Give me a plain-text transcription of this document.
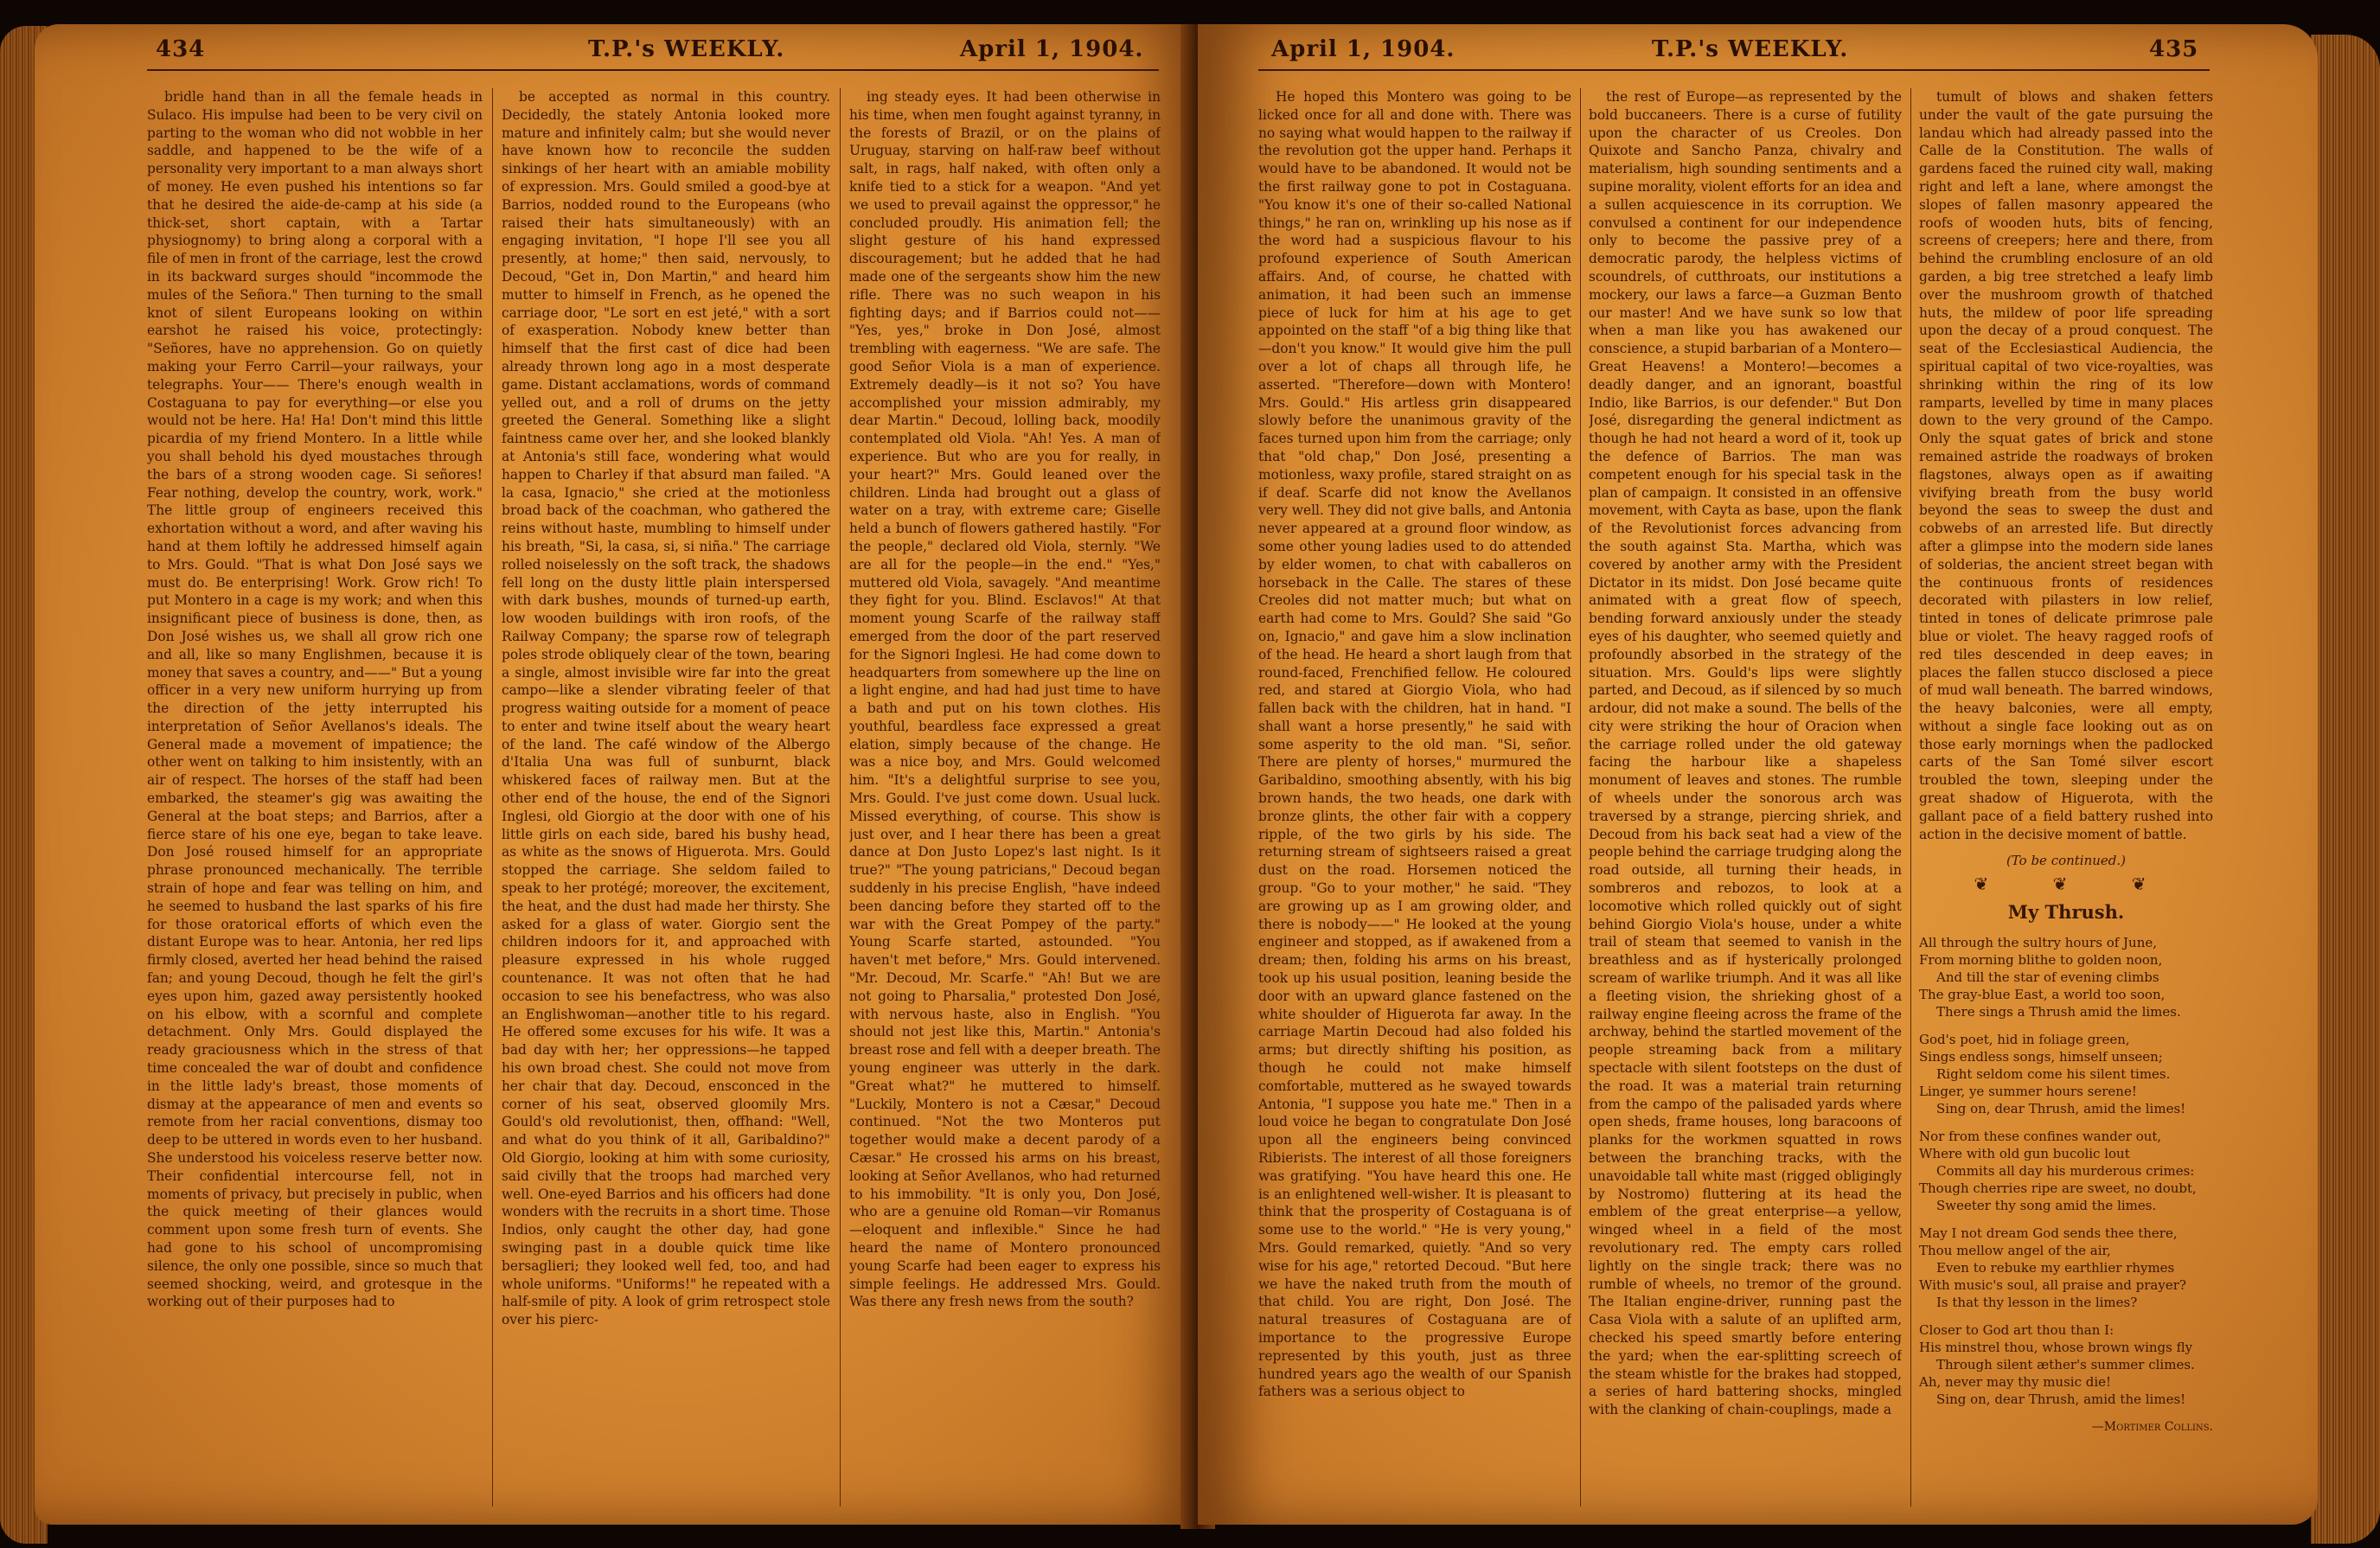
434	T.P.'s WEEKLY.	April 1, 1904.

bridle hand than in all the female heads in Sulaco. His impulse had been to be very civil on parting to the woman who did not wobble in her saddle, and happened to be the wife of a personality very important to a man always short of money. He even pushed his intentions so far that he desired the aide-de-camp at his side (a thick-set, short captain, with a Tartar physiognomy) to bring along a corporal with a file of men in front of the carriage, lest the crowd in its backward surges should "incommode the mules of the Señora." Then turning to the small knot of silent Europeans looking on within earshot he raised his voice, protectingly: "Señores, have no apprehension. Go on quietly making your Ferro Carril—your railways, your telegraphs. Your—— There's enough wealth in Costaguana to pay for everything—or else you would not be here. Ha! Ha! Don't mind this little picardia of my friend Montero. In a little while you shall behold his dyed moustaches through the bars of a strong wooden cage. Si señores! Fear nothing, develop the country, work, work." The little group of engineers received this exhortation without a word, and after waving his hand at them loftily he addressed himself again to Mrs. Gould. "That is what Don José says we must do. Be enterprising! Work. Grow rich! To put Montero in a cage is my work; and when this insignificant piece of business is done, then, as Don José wishes us, we shall all grow rich one and all, like so many Englishmen, because it is money that saves a country, and——" But a young officer in a very new uniform hurrying up from the direction of the jetty interrupted his interpretation of Señor Avellanos's ideals. The General made a movement of impatience; the other went on talking to him insistently, with an air of respect. The horses of the staff had been embarked, the steamer's gig was awaiting the General at the boat steps; and Barrios, after a fierce stare of his one eye, began to take leave. Don José roused himself for an appropriate phrase pronounced mechanically. The terrible strain of hope and fear was telling on him, and he seemed to husband the last sparks of his fire for those oratorical efforts of which even the distant Europe was to hear. Antonia, her red lips firmly closed, averted her head behind the raised fan; and young Decoud, though he felt the girl's eyes upon him, gazed away persistently hooked on his elbow, with a scornful and complete detachment. Only Mrs. Gould displayed the ready graciousness which in the stress of that time concealed the war of doubt and confidence in the little lady's breast, those moments of dismay at the appearance of men and events so remote from her racial conventions, dismay too deep to be uttered in words even to her husband. She understood his voiceless reserve better now. Their confidential intercourse fell, not in moments of privacy, but precisely in public, when the quick meeting of their glances would comment upon some fresh turn of events. She had gone to his school of uncompromising silence, the only one possible, since so much that seemed shocking, weird, and grotesque in the working out of their purposes had to

be accepted as normal in this country. Decidedly, the stately Antonia looked more mature and infinitely calm; but she would never have known how to reconcile the sudden sinkings of her heart with an amiable mobility of expression. Mrs. Gould smiled a good-bye at Barrios, nodded round to the Europeans (who raised their hats simultaneously) with an engaging invitation, "I hope I'll see you all presently, at home;" then said, nervously, to Decoud, "Get in, Don Martin," and heard him mutter to himself in French, as he opened the carriage door, "Le sort en est jeté," with a sort of exasperation. Nobody knew better than himself that the first cast of dice had been already thrown long ago in a most desperate game. Distant acclamations, words of command yelled out, and a roll of drums on the jetty greeted the General. Something like a slight faintness came over her, and she looked blankly at Antonia's still face, wondering what would happen to Charley if that absurd man failed. "A la casa, Ignacio," she cried at the motionless broad back of the coachman, who gathered the reins without haste, mumbling to himself under his breath, "Si, la casa, si, si niña." The carriage rolled noiselessly on the soft track, the shadows fell long on the dusty little plain interspersed with dark bushes, mounds of turned-up earth, low wooden buildings with iron roofs, of the Railway Company; the sparse row of telegraph poles strode obliquely clear of the town, bearing a single, almost invisible wire far into the great campo—like a slender vibrating feeler of that progress waiting outside for a moment of peace to enter and twine itself about the weary heart of the land. The café window of the Albergo d'Italia Una was full of sunburnt, black whiskered faces of railway men. But at the other end of the house, the end of the Signori Inglesi, old Giorgio at the door with one of his little girls on each side, bared his bushy head, as white as the snows of Higuerota. Mrs. Gould stopped the carriage. She seldom failed to speak to her protégé; moreover, the excitement, the heat, and the dust had made her thirsty. She asked for a glass of water. Giorgio sent the children indoors for it, and approached with pleasure expressed in his whole rugged countenance. It was not often that he had occasion to see his benefactress, who was also an Englishwoman—another title to his regard. He offered some excuses for his wife. It was a bad day with her; her oppressions—he tapped his own broad chest. She could not move from her chair that day. Decoud, ensconced in the corner of his seat, observed gloomily Mrs. Gould's old revolutionist, then, offhand: "Well, and what do you think of it all, Garibaldino?" Old Giorgio, looking at him with some curiosity, said civilly that the troops had marched very well. One-eyed Barrios and his officers had done wonders with the recruits in a short time. Those Indios, only caught the other day, had gone swinging past in a double quick time like bersaglieri; they looked well fed, too, and had whole uniforms. "Uniforms!" he repeated with a half-smile of pity. A look of grim retrospect stole over his pierc-

ing steady eyes. It had been otherwise in his time, when men fought against tyranny, in the forests of Brazil, or on the plains of Uruguay, starving on half-raw beef without salt, in rags, half naked, with often only a knife tied to a stick for a weapon. "And yet we used to prevail against the oppressor," he concluded proudly. His animation fell; the slight gesture of his hand expressed discouragement; but he added that he had made one of the sergeants show him the new rifle. There was no such weapon in his fighting days; and if Barrios could not—— "Yes, yes," broke in Don José, almost trembling with eagerness. "We are safe. The good Señor Viola is a man of experience. Extremely deadly—is it not so? You have accomplished your mission admirably, my dear Martin." Decoud, lolling back, moodily contemplated old Viola. "Ah! Yes. A man of experience. But who are you for really, in your heart?" Mrs. Gould leaned over the children. Linda had brought out a glass of water on a tray, with extreme care; Giselle held a bunch of flowers gathered hastily. "For the people," declared old Viola, sternly. "We are all for the people—in the end." "Yes," muttered old Viola, savagely. "And meantime they fight for you. Blind. Esclavos!" At that moment young Scarfe of the railway staff emerged from the door of the part reserved for the Signori Inglesi. He had come down to headquarters from somewhere up the line on a light engine, and had had just time to have a bath and put on his town clothes. His youthful, beardless face expressed a great elation, simply because of the change. He was a nice boy, and Mrs. Gould welcomed him. "It's a delightful surprise to see you, Mrs. Gould. I've just come down. Usual luck. Missed everything, of course. This show is just over, and I hear there has been a great dance at Don Justo Lopez's last night. Is it true?" "The young patricians," Decoud began suddenly in his precise English, "have indeed been dancing before they started off to the war with the Great Pompey of the party." Young Scarfe started, astounded. "You haven't met before," Mrs. Gould intervened. "Mr. Decoud, Mr. Scarfe." "Ah! But we are not going to Pharsalia," protested Don José, with nervous haste, also in English. "You should not jest like this, Martin." Antonia's breast rose and fell with a deeper breath. The young engineer was utterly in the dark. "Great what?" he muttered to himself. "Luckily, Montero is not a Cæsar," Decoud continued. "Not the two Monteros put together would make a decent parody of a Cæsar." He crossed his arms on his breast, looking at Señor Avellanos, who had returned to his immobility. "It is only you, Don José, who are a genuine old Roman—vir Romanus—eloquent and inflexible." Since he had heard the name of Montero pronounced young Scarfe had been eager to express his simple feelings. He addressed Mrs. Gould. Was there any fresh news from the south?

April 1, 1904.	T.P.'s WEEKLY.	435

He hoped this Montero was going to be licked once for all and done with. There was no saying what would happen to the railway if the revolution got the upper hand. Perhaps it would have to be abandoned. It would not be the first railway gone to pot in Costaguana. "You know it's one of their so-called National things," he ran on, wrinkling up his nose as if the word had a suspicious flavour to his profound experience of South American affairs. And, of course, he chatted with animation, it had been such an immense piece of luck for him at his age to get appointed on the staff "of a big thing like that—don't you know." It would give him the pull over a lot of chaps all through life, he asserted. "Therefore—down with Montero! Mrs. Gould." His artless grin disappeared slowly before the unanimous gravity of the faces turned upon him from the carriage; only that "old chap," Don José, presenting a motionless, waxy profile, stared straight on as if deaf. Scarfe did not know the Avellanos very well. They did not give balls, and Antonia never appeared at a ground floor window, as some other young ladies used to do attended by elder women, to chat with caballeros on horseback in the Calle. The stares of these Creoles did not matter much; but what on earth had come to Mrs. Gould? She said "Go on, Ignacio," and gave him a slow inclination of the head. He heard a short laugh from that round-faced, Frenchified fellow. He coloured red, and stared at Giorgio Viola, who had fallen back with the children, hat in hand. "I shall want a horse presently," he said with some asperity to the old man. "Si, señor. There are plenty of horses," murmured the Garibaldino, smoothing absently, with his big brown hands, the two heads, one dark with bronze glints, the other fair with a coppery ripple, of the two girls by his side. The returning stream of sightseers raised a great dust on the road. Horsemen noticed the group. "Go to your mother," he said. "They are growing up as I am growing older, and there is nobody——" He looked at the young engineer and stopped, as if awakened from a dream; then, folding his arms on his breast, took up his usual position, leaning beside the door with an upward glance fastened on the white shoulder of Higuerota far away. In the carriage Martin Decoud had also folded his arms; but directly shifting his position, as though he could not make himself comfortable, muttered as he swayed towards Antonia, "I suppose you hate me." Then in a loud voice he began to congratulate Don José upon all the engineers being convinced Ribierists. The interest of all those foreigners was gratifying. "You have heard this one. He is an enlightened well-wisher. It is pleasant to think that the prosperity of Costaguana is of some use to the world." "He is very young," Mrs. Gould remarked, quietly. "And so very wise for his age," retorted Decoud. "But here we have the naked truth from the mouth of that child. You are right, Don José. The natural treasures of Costaguana are of importance to the progressive Europe represented by this youth, just as three hundred years ago the wealth of our Spanish fathers was a serious object to

the rest of Europe—as represented by the bold buccaneers. There is a curse of futility upon the character of us Creoles. Don Quixote and Sancho Panza, chivalry and materialism, high sounding sentiments and a supine morality, violent efforts for an idea and a sullen acquiescence in its corruption. We convulsed a continent for our independence only to become the passive prey of a democratic parody, the helpless victims of scoundrels, of cutthroats, our institutions a mockery, our laws a farce—a Guzman Bento our master! And we have sunk so low that when a man like you has awakened our conscience, a stupid barbarian of a Montero—Great Heavens! a Montero!—becomes a deadly danger, and an ignorant, boastful Indio, like Barrios, is our defender." But Don José, disregarding the general indictment as though he had not heard a word of it, took up the defence of Barrios. The man was competent enough for his special task in the plan of campaign. It consisted in an offensive movement, with Cayta as base, upon the flank of the Revolutionist forces advancing from the south against Sta. Martha, which was covered by another army with the President Dictator in its midst. Don José became quite animated with a great flow of speech, bending forward anxiously under the steady eyes of his daughter, who seemed quietly and profoundly absorbed in the strategy of the situation. Mrs. Gould's lips were slightly parted, and Decoud, as if silenced by so much ardour, did not make a sound. The bells of the city were striking the hour of Oracion when the carriage rolled under the old gateway facing the harbour like a shapeless monument of leaves and stones. The rumble of wheels under the sonorous arch was traversed by a strange, piercing shriek, and Decoud from his back seat had a view of the people behind the carriage trudging along the road outside, all turning their heads, in sombreros and rebozos, to look at a locomotive which rolled quickly out of sight behind Giorgio Viola's house, under a white trail of steam that seemed to vanish in the breathless and as if hysterically prolonged scream of warlike triumph. And it was all like a fleeting vision, the shrieking ghost of a railway engine fleeing across the frame of the archway, behind the startled movement of the people streaming back from a military spectacle with silent footsteps on the dust of the road. It was a material train returning from the campo of the palisaded yards where open sheds, frame houses, long baracoons of planks for the workmen squatted in rows between the branching tracks, with the unavoidable tall white mast (rigged obligingly by Nostromo) fluttering at its head the emblem of the great enterprise—a yellow, winged wheel in a field of the most revolutionary red. The empty cars rolled lightly on the single track; there was no rumble of wheels, no tremor of the ground. The Italian engine-driver, running past the Casa Viola with a salute of an uplifted arm, checked his speed smartly before entering the yard; when the ear-splitting screech of the steam whistle for the brakes had stopped, a series of hard battering shocks, mingled with the clanking of chain-couplings, made a

tumult of blows and shaken fetters under the vault of the gate pursuing the landau which had already passed into the Calle de la Constitution. The walls of gardens faced the ruined city wall, making right and left a lane, where amongst the slopes of fallen masonry appeared the roofs of wooden huts, bits of fencing, screens of creepers; here and there, from behind the crumbling enclosure of an old garden, a big tree stretched a leafy limb over the mushroom growth of thatched huts, the mildew of poor life spreading upon the decay of a proud conquest. The seat of the Ecclesiastical Audiencia, the spiritual capital of two vice-royalties, was shrinking within the ring of its low ramparts, levelled by time in many places down to the very ground of the Campo. Only the squat gates of brick and stone remained astride the roadways of broken flagstones, always open as if awaiting vivifying breath from the busy world beyond the seas to sweep the dust and cobwebs of an arrested life. But directly after a glimpse into the modern side lanes of solderias, the ancient street began with the continuous fronts of residences decorated with pilasters in low relief, tinted in tones of delicate primrose pale blue or violet. The heavy ragged roofs of red tiles descended in deep eaves; in places the fallen stucco disclosed a piece of mud wall beneath. The barred windows, the heavy balconies, were all empty, without a single face looking out as on those early mornings when the padlocked carts of the San Tomé silver escort troubled the town, sleeping under the great shadow of Higuerota, with the gallant pace of a field battery rushed into action in the decisive moment of battle.

(To be continued.)
❦ ❦ ❦
My Thrush.
All through the sultry hours of June,
From morning blithe to golden noon,
And till the star of evening climbs
The gray-blue East, a world too soon,
There sings a Thrush amid the limes.
God's poet, hid in foliage green,
Sings endless songs, himself unseen;
Right seldom come his silent times.
Linger, ye summer hours serene!
Sing on, dear Thrush, amid the limes!
Nor from these confines wander out,
Where with old gun bucolic lout
Commits all day his murderous crimes:
Though cherries ripe are sweet, no doubt,
Sweeter thy song amid the limes.
May I not dream God sends thee there,
Thou mellow angel of the air,
Even to rebuke my earthlier rhymes
With music's soul, all praise and prayer?
Is that thy lesson in the limes?
Closer to God art thou than I:
His minstrel thou, whose brown wings fly
Through silent æther's summer climes.
Ah, never may thy music die!
Sing on, dear Thrush, amid the limes!
—Mortimer Collins.
